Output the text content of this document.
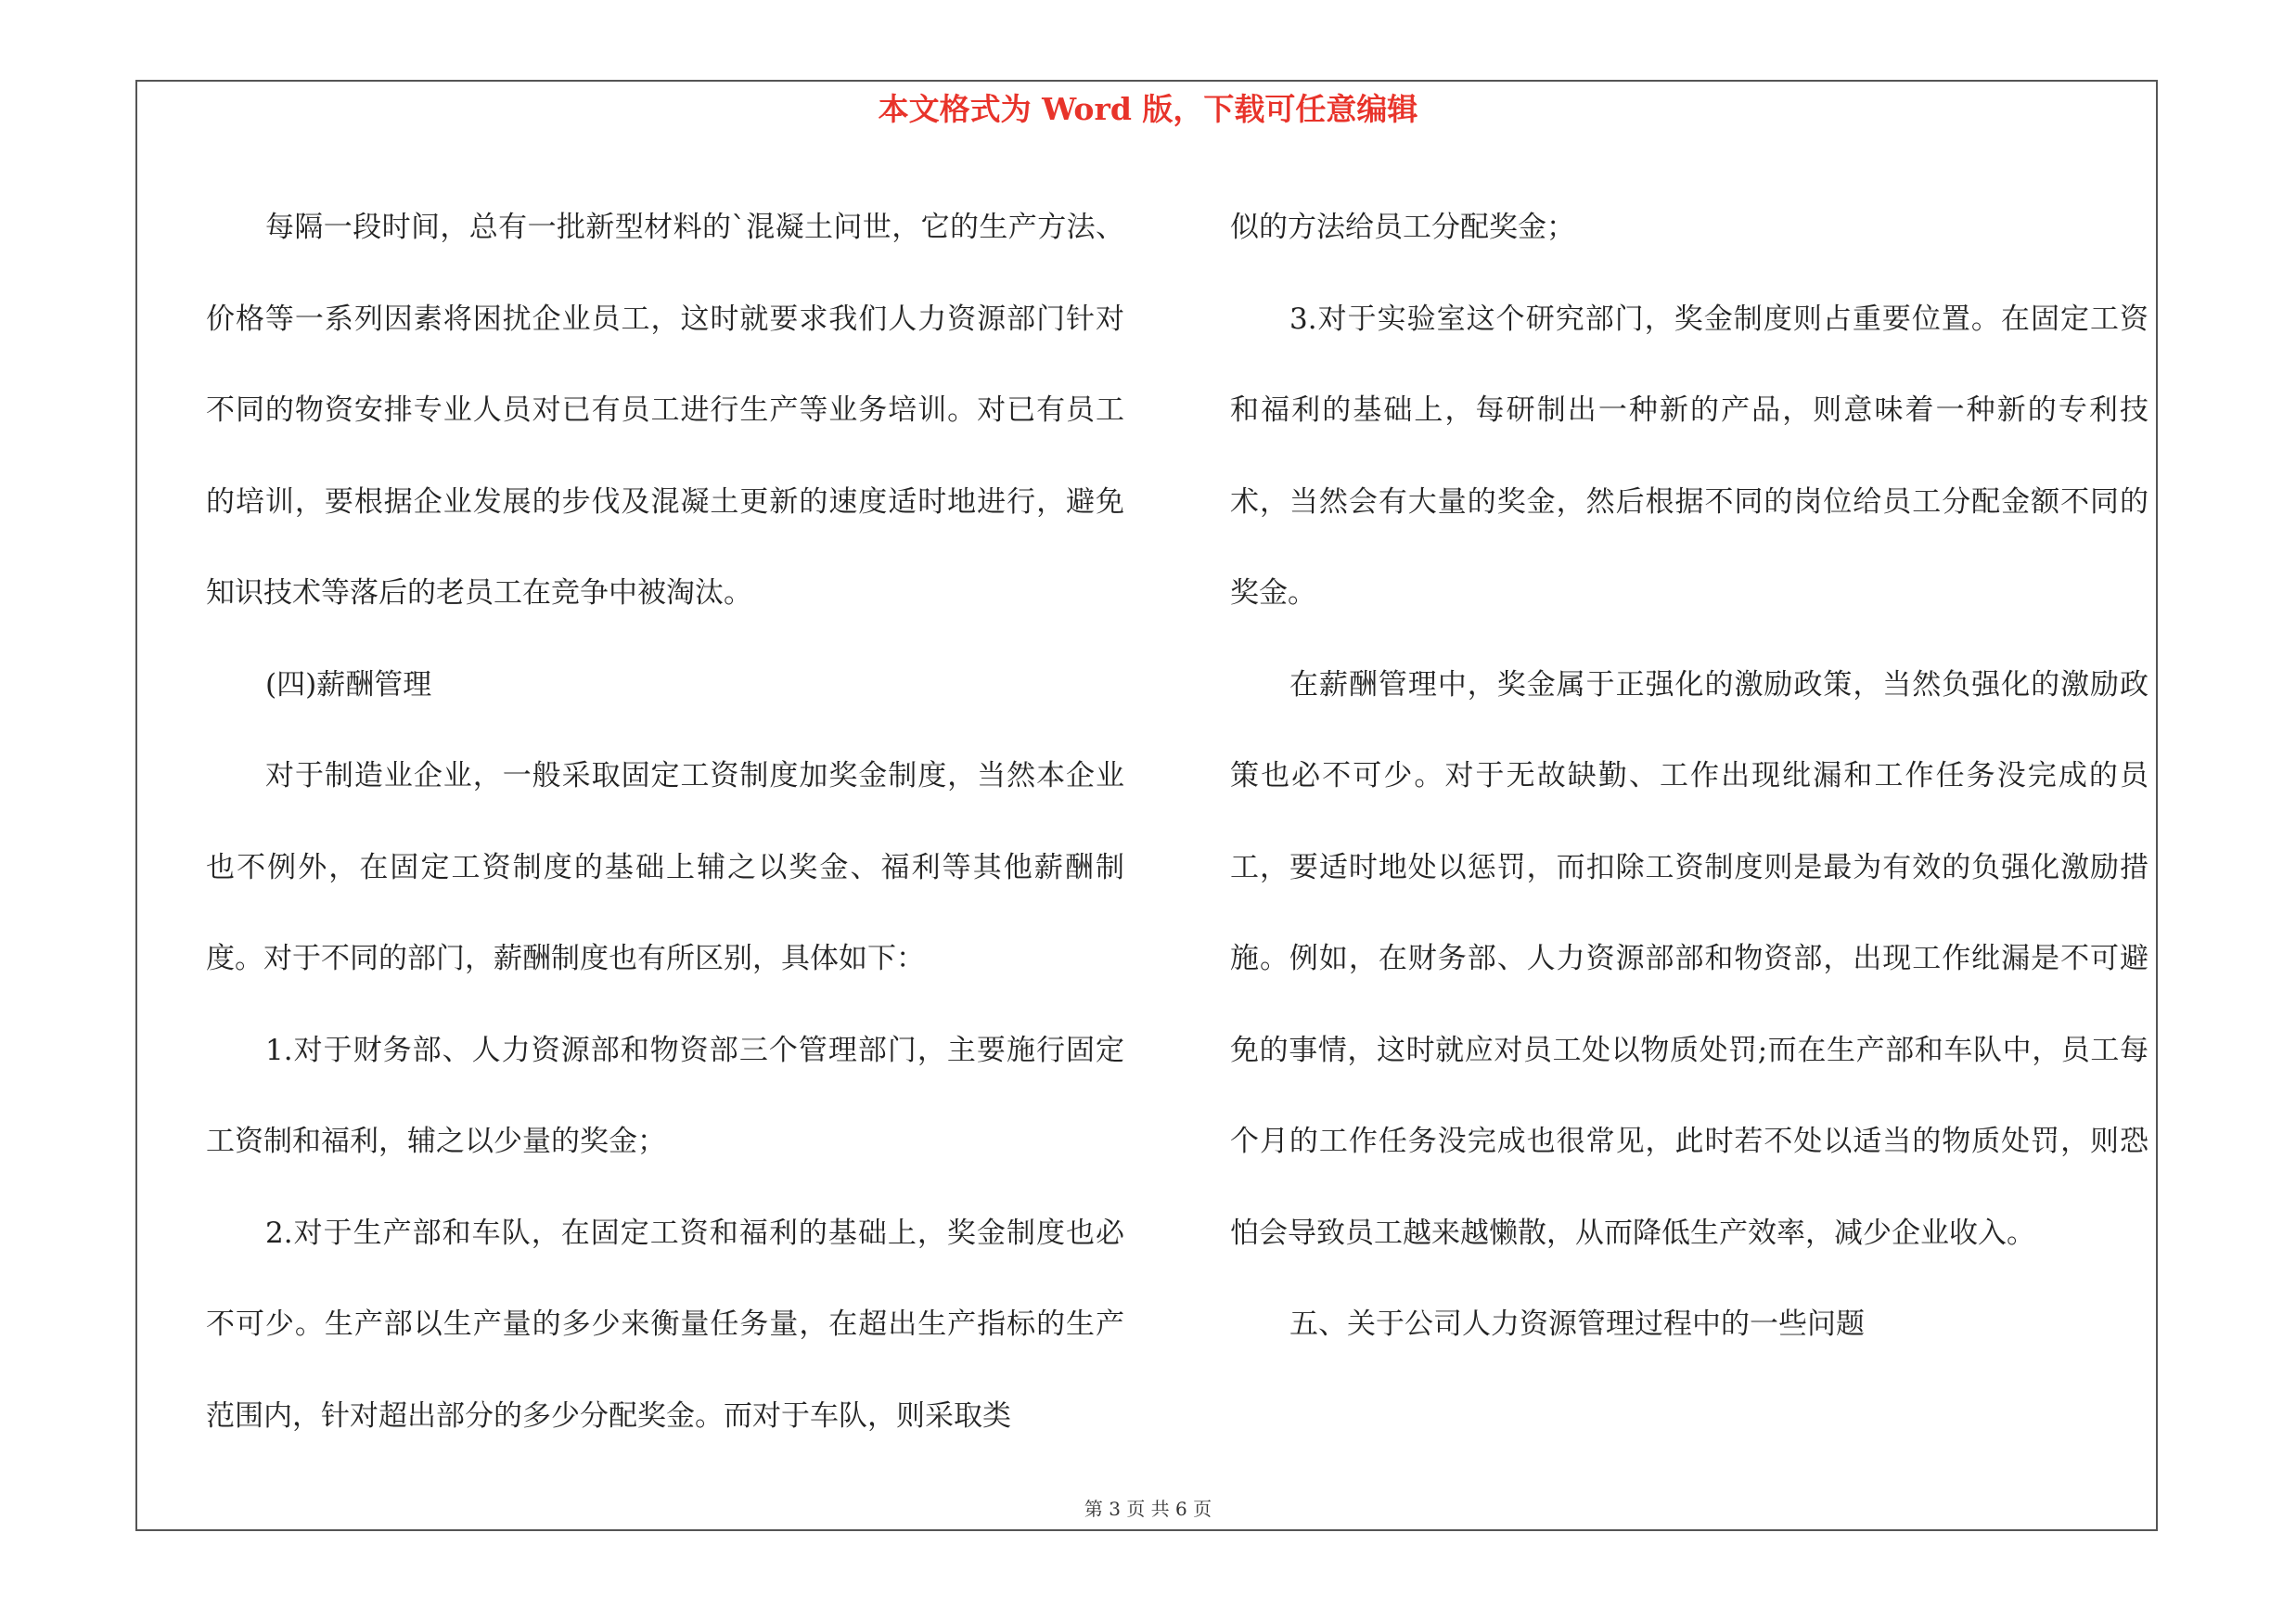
本文格式为 Word 版，下载可任意编辑

每隔一段时间，总有一批新型材料的`混凝土问世，它的生产方法、价格等一系列因素将困扰企业员工，这时就要求我们人力资源部门针对不同的物资安排专业人员对已有员工进行生产等业务培训。对已有员工的培训，要根据企业发展的步伐及混凝土更新的速度适时地进行，避免知识技术等落后的老员工在竞争中被淘汰。

(四)薪酬管理

对于制造业企业，一般采取固定工资制度加奖金制度，当然本企业也不例外，在固定工资制度的基础上辅之以奖金、福利等其他薪酬制度。对于不同的部门，薪酬制度也有所区别，具体如下：

1.对于财务部、人力资源部和物资部三个管理部门，主要施行固定工资制和福利，辅之以少量的奖金；

2.对于生产部和车队，在固定工资和福利的基础上，奖金制度也必不可少。生产部以生产量的多少来衡量任务量，在超出生产指标的生产范围内，针对超出部分的多少分配奖金。而对于车队，则采取类

似的方法给员工分配奖金；

3.对于实验室这个研究部门，奖金制度则占重要位置。在固定工资和福利的基础上，每研制出一种新的产品，则意味着一种新的专利技术，当然会有大量的奖金，然后根据不同的岗位给员工分配金额不同的奖金。

在薪酬管理中，奖金属于正强化的激励政策，当然负强化的激励政策也必不可少。对于无故缺勤、工作出现纰漏和工作任务没完成的员工，要适时地处以惩罚，而扣除工资制度则是最为有效的负强化激励措施。例如，在财务部、人力资源部部和物资部，出现工作纰漏是不可避免的事情，这时就应对员工处以物质处罚;而在生产部和车队中，员工每个月的工作任务没完成也很常见，此时若不处以适当的物质处罚，则恐怕会导致员工越来越懒散，从而降低生产效率，减少企业收入。

五、关于公司人力资源管理过程中的一些问题

第 3 页 共 6 页
